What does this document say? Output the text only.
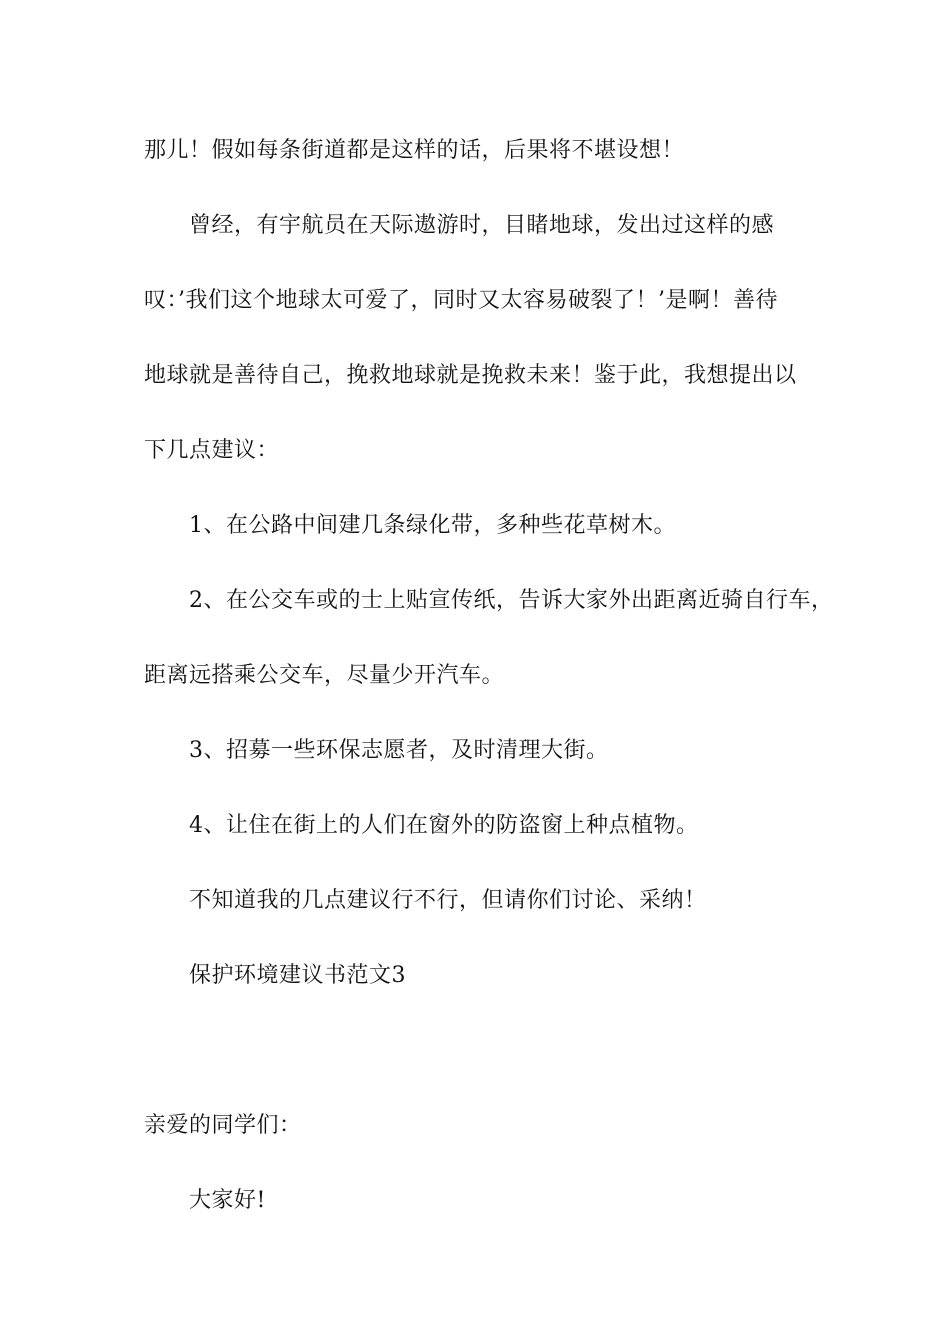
那儿！假如每条街道都是这样的话，后果将不堪设想！
曾经，有宇航员在天际遨游时，目睹地球，发出过这样的感
叹：’我们这个地球太可爱了，同时又太容易破裂了！’是啊！善待
地球就是善待自己，挽救地球就是挽救未来！鉴于此，我想提出以
下几点建议：
1、在公路中间建几条绿化带，多种些花草树木。
2、在公交车或的士上贴宣传纸，告诉大家外出距离近骑自行车，
距离远搭乘公交车，尽量少开汽车。
3、招募一些环保志愿者，及时清理大街。
4、让住在街上的人们在窗外的防盗窗上种点植物。
不知道我的几点建议行不行，但请你们讨论、采纳！
保护环境建议书范文3
亲爱的同学们：
大家好!
